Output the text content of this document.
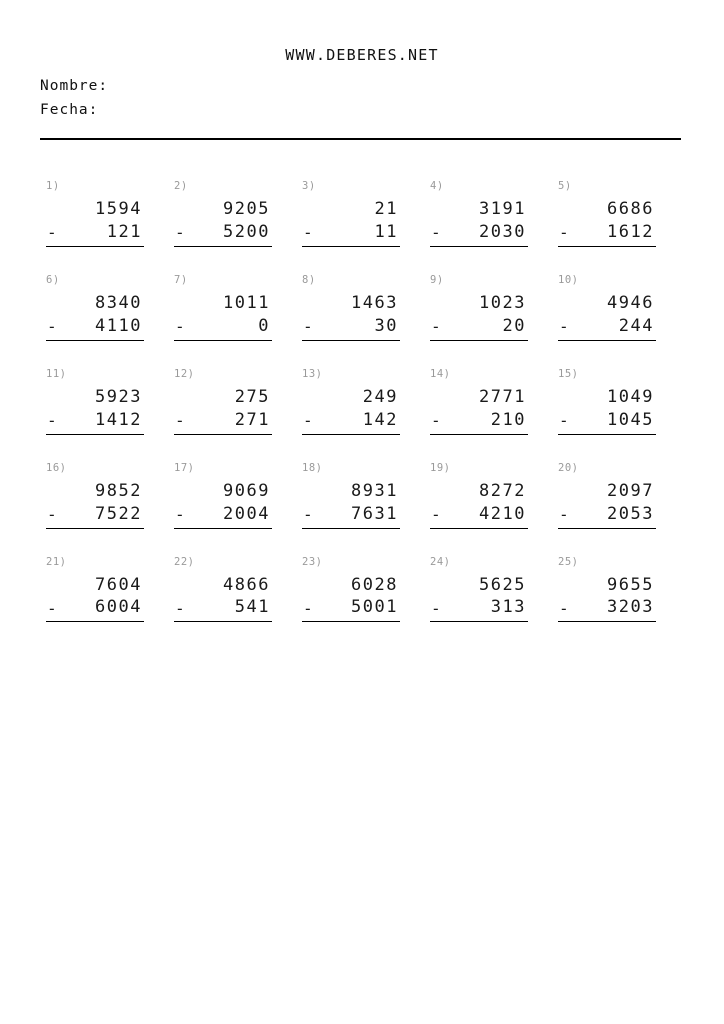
WWW.DEBERES.NET
Nombre:
Fecha:
1)
1594
-	121
2)
9205
-	5200
3)
21
-	11
4)
3191
-	2030
5)
6686
-	1612
6)
8340
-	4110
7)
1011
-	0
8)
1463
-	30
9)
1023
-	20
10)
4946
-	244
11)
5923
-	1412
12)
275
-	271
13)
249
-	142
14)
2771
-	210
15)
1049
-	1045
16)
9852
-	7522
17)
9069
-	2004
18)
8931
-	7631
19)
8272
-	4210
20)
2097
-	2053
21)
7604
-	6004
22)
4866
-	541
23)
6028
-	5001
24)
5625
-	313
25)
9655
-	3203
